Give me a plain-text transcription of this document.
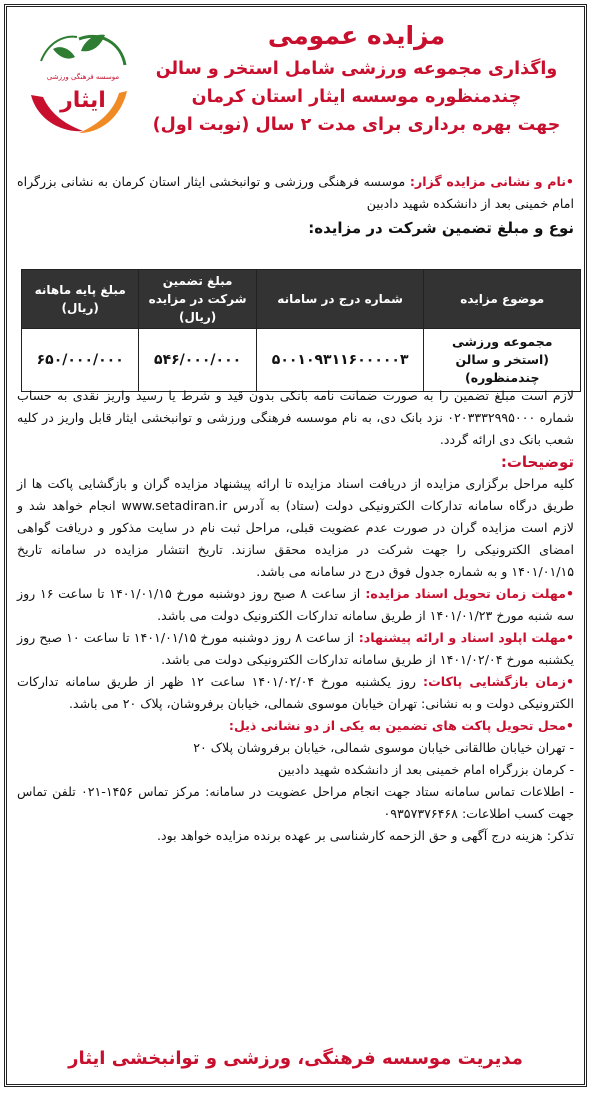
ایثار
موسسه فرهنگی ورزشی
مزایده عمومی
واگذاری مجموعه ورزشی شامل استخر و سالن
چندمنظوره موسسه ایثار استان کرمان
جهت بهره برداری برای مدت ۲ سال (نوبت اول)
•نام و نشانی مزایده گزار: موسسه فرهنگی ورزشی و توانبخشی ایثار استان کرمان به نشانی بزرگراه امام خمینی بعد از دانشکده شهید دادبین
نوع و مبلغ تضمین شرکت در مزایده:
موضوع مزایده	شماره درج در سامانه	مبلغ تضمین شرکت در مزایده (ریال)	مبلغ پایه ماهانه (ریال)
مجموعه ورزشی (استخر و سالن چندمنظوره)	۵۰۰۱۰۹۳۱۱۶۰۰۰۰۰۳	۵۴۶/۰۰۰/۰۰۰	۶۵۰/۰۰۰/۰۰۰
لازم است مبلغ تضمین را به صورت ضمانت نامه بانکی بدون قید و شرط یا رسید واریز نقدی به حساب شماره ۰۲۰۳۳۳۲۹۹۵۰۰۰ نزد بانک دی، به نام موسسه فرهنگی ورزشی و توانبخشی ایثار قابل واریز در کلیه شعب بانک دی ارائه گردد.
توضیحات:
کلیه مراحل برگزاری مزایده از دریافت اسناد مزایده تا ارائه پیشنهاد مزایده گران و بازگشایی پاکت ها از طریق درگاه سامانه تدارکات الکترونیکی دولت (ستاد) به آدرس www.setadiran.ir انجام خواهد شد و لازم است مزایده گران در صورت عدم عضویت قبلی، مراحل ثبت نام در سایت مذکور و دریافت گواهی امضای الکترونیکی را جهت شرکت در مزایده محقق سازند. تاریخ انتشار مزایده در سامانه تاریخ ۱۴۰۱/۰۱/۱۵ و به شماره جدول فوق درج در سامانه می باشد.
•مهلت زمان تحویل اسناد مزایده: از ساعت ۸ صبح روز دوشنبه مورخ ۱۴۰۱/۰۱/۱۵ تا ساعت ۱۶ روز سه شنبه مورخ ۱۴۰۱/۰۱/۲۳ از طریق سامانه تدارکات الکترونیک دولت می باشد.
•مهلت اپلود اسناد و ارائه پیشنهاد: از ساعت ۸ روز دوشنبه مورخ ۱۴۰۱/۰۱/۱۵ تا ساعت ۱۰ صبح روز یکشنبه مورخ ۱۴۰۱/۰۲/۰۴ از طریق سامانه تدارکات الکترونیکی دولت می باشد.
•زمان بازگشایی پاکات: روز یکشنبه مورخ ۱۴۰۱/۰۲/۰۴ ساعت ۱۲ ظهر از طریق سامانه تدارکات الکترونیکی دولت و به نشانی: تهران خیابان موسوی شمالی، خیابان برفروشان، پلاک ۲۰ می باشد.
•محل تحویل پاکت های تضمین به یکی از دو نشانی ذیل:
- تهران خیابان طالقانی خیابان موسوی شمالی، خیابان برفروشان پلاک ۲۰
- کرمان بزرگراه امام خمینی بعد از دانشکده شهید دادبین
- اطلاعات تماس سامانه ستاد جهت انجام مراحل عضویت در سامانه: مرکز تماس ۱۴۵۶-۰۲۱ تلفن تماس جهت کسب اطلاعات: ۰۹۳۵۷۳۷۶۴۶۸
تذکر: هزینه درج آگهی و حق الزحمه کارشناسی بر عهده برنده مزایده خواهد بود.
مدیریت موسسه فرهنگی، ورزشی و توانبخشی ایثار
